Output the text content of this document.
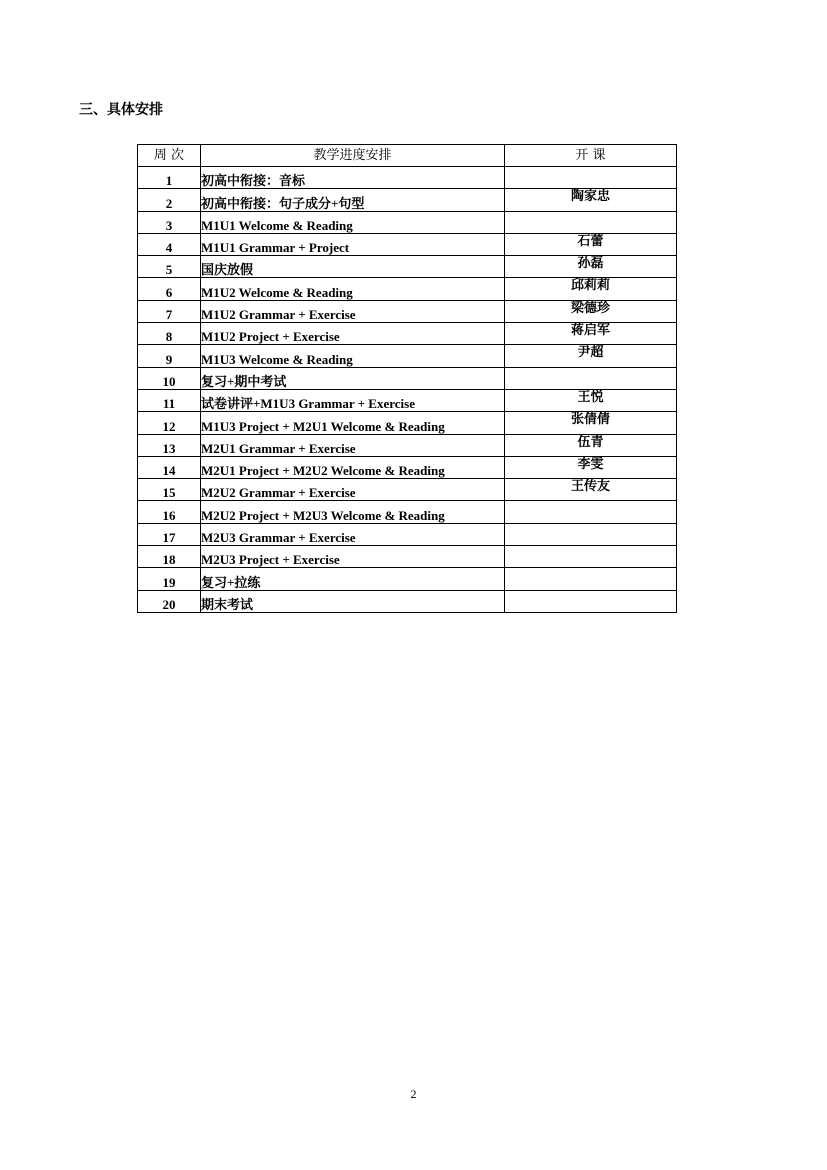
三、具体安排
周 次	教学进度安排	开 课
1	初高中衔接：音标	
2	初高中衔接：句子成分+句型	陶家忠
3	M1U1 Welcome & Reading	
4	M1U1 Grammar + Project	石蕾
5	国庆放假	孙磊
6	M1U2 Welcome & Reading	邱莉莉
7	M1U2 Grammar + Exercise	梁德珍
8	M1U2 Project + Exercise	蒋启军
9	M1U3 Welcome & Reading	尹超
10	复习+期中考试	
11	试卷讲评+M1U3 Grammar + Exercise	王悦
12	M1U3 Project + M2U1 Welcome & Reading	张倩倩
13	M2U1 Grammar + Exercise	伍青
14	M2U1 Project + M2U2 Welcome & Reading	李雯
15	M2U2 Grammar + Exercise	王传友
16	M2U2 Project + M2U3 Welcome & Reading	
17	M2U3 Grammar + Exercise	
18	M2U3 Project + Exercise	
19	复习+拉练	
20	期末考试	
2
